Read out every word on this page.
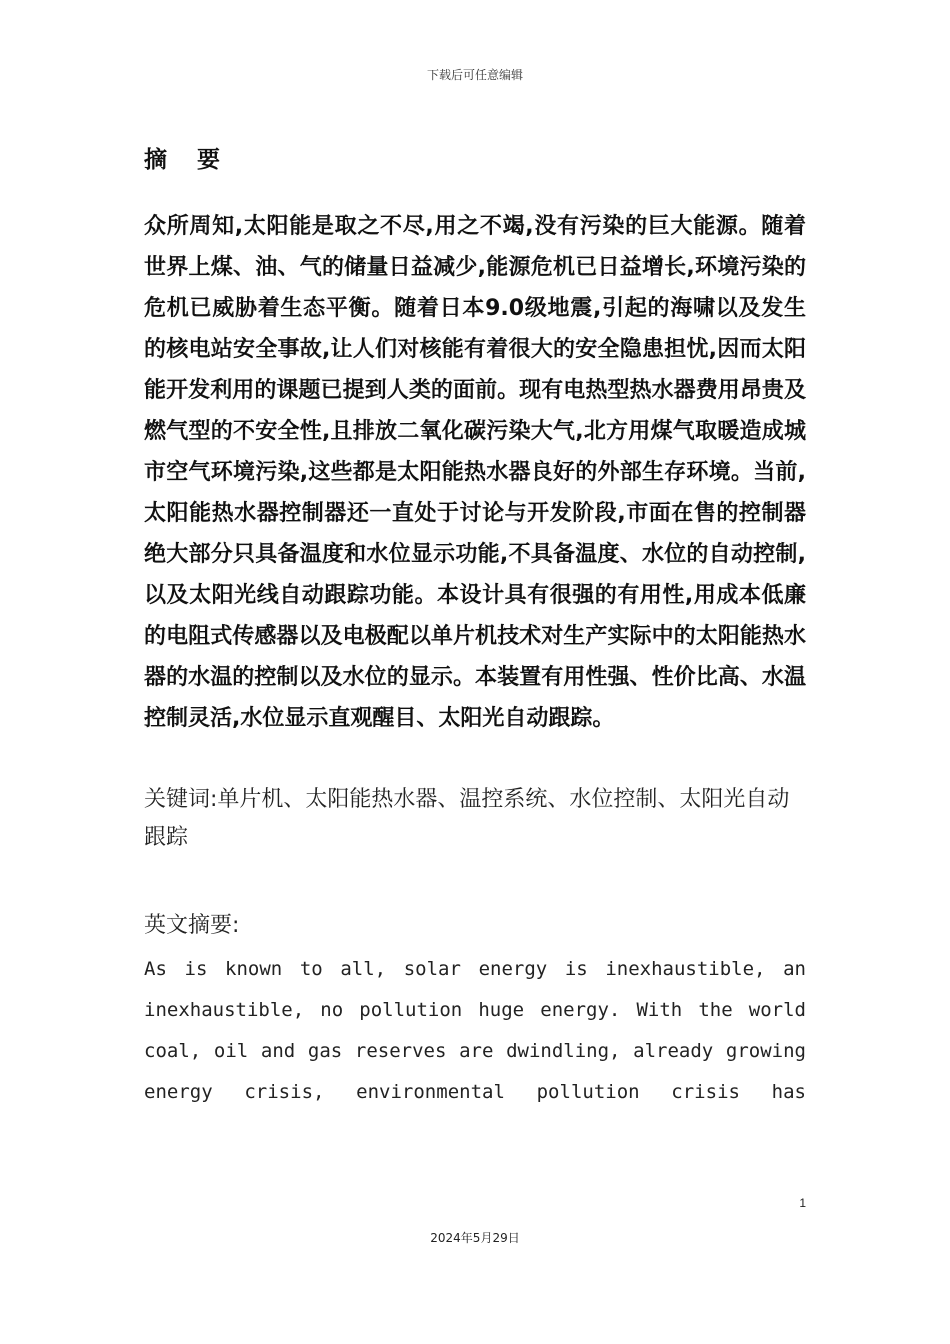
下载后可任意编辑
摘要

众所周知,太阳能是取之不尽,用之不竭,没有污染的巨大能源。随着世界上煤、油、气的储量日益减少,能源危机已日益增长,环境污染的危机已威胁着生态平衡。随着日本9.0级地震,引起的海啸以及发生的核电站安全事故,让人们对核能有着很大的安全隐患担忧,因而太阳能开发利用的课题已提到人类的面前。现有电热型热水器费用昂贵及燃气型的不安全性,且排放二氧化碳污染大气,北方用煤气取暖造成城市空气环境污染,这些都是太阳能热水器良好的外部生存环境。当前,太阳能热水器控制器还一直处于讨论与开发阶段,市面在售的控制器绝大部分只具备温度和水位显示功能,不具备温度、水位的自动控制,以及太阳光线自动跟踪功能。本设计具有很强的有用性,用成本低廉的电阻式传感器以及电极配以单片机技术对生产实际中的太阳能热水器的水温的控制以及水位的显示。本装置有用性强、性价比高、水温控制灵活,水位显示直观醒目、太阳光自动跟踪。

关键词:单片机、太阳能热水器、温控系统、水位控制、太阳光自动跟踪

英文摘要:

As is known to all, solar energy is inexhaustible, an inexhaustible, no pollution huge energy. With the world coal, oil and gas reserves are dwindling, already growing energy crisis, environmental pollution crisis has

1
2024年5月29日
